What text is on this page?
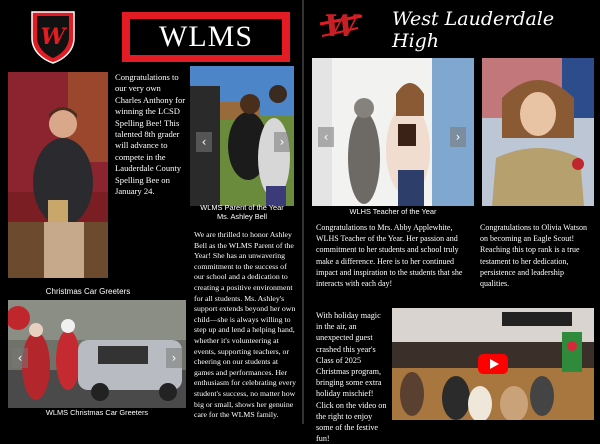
W	WLMS
Congratulations to our very own Charles Anthony for winning the LCSD Spelling Bee! This talented 8th grader will advance to compete in the Lauderdale County Spelling Bee on January 24.
‹	›
WLMS Parent of the Year Ms. Ashley Bell
We are thrilled to honor Ashley Bell as the WLMS Parent of the Year! She has an unwavering commitment to the success of our school and a dedication to creating a positive environment for all students. Ms. Ashley's support extends beyond her own child—she is always willing to step up and lend a helping hand, whether it's volunteering at events, supporting teachers, or cheering on our students at games and performances. Her enthusiasm for celebrating every student's success, no matter how big or small, shows her genuine care for the WLMS family.
Christmas Car Greeters
‹	›
WLMS Christmas Car Greeters
W West Lauderdale High
‹	›
WLHS Teacher of the Year
Congratulations to Mrs. Abby Applewhite, WLHS Teacher of the Year. Her passion and commitment to her students and school truly make a difference. Here is to her continued impact and inspiration to the students that she interacts with each day!
Congratulations to Olivia Watson on becoming an Eagle Scout! Reaching this top rank is a true testament to her dedication, persistence and leadership qualities.
With holiday magic in the air, an unexpected guest crashed this year's Class of 2025 Christmas program, bringing some extra holiday mischief! Click on the video on the right to enjoy some of the festive fun!
